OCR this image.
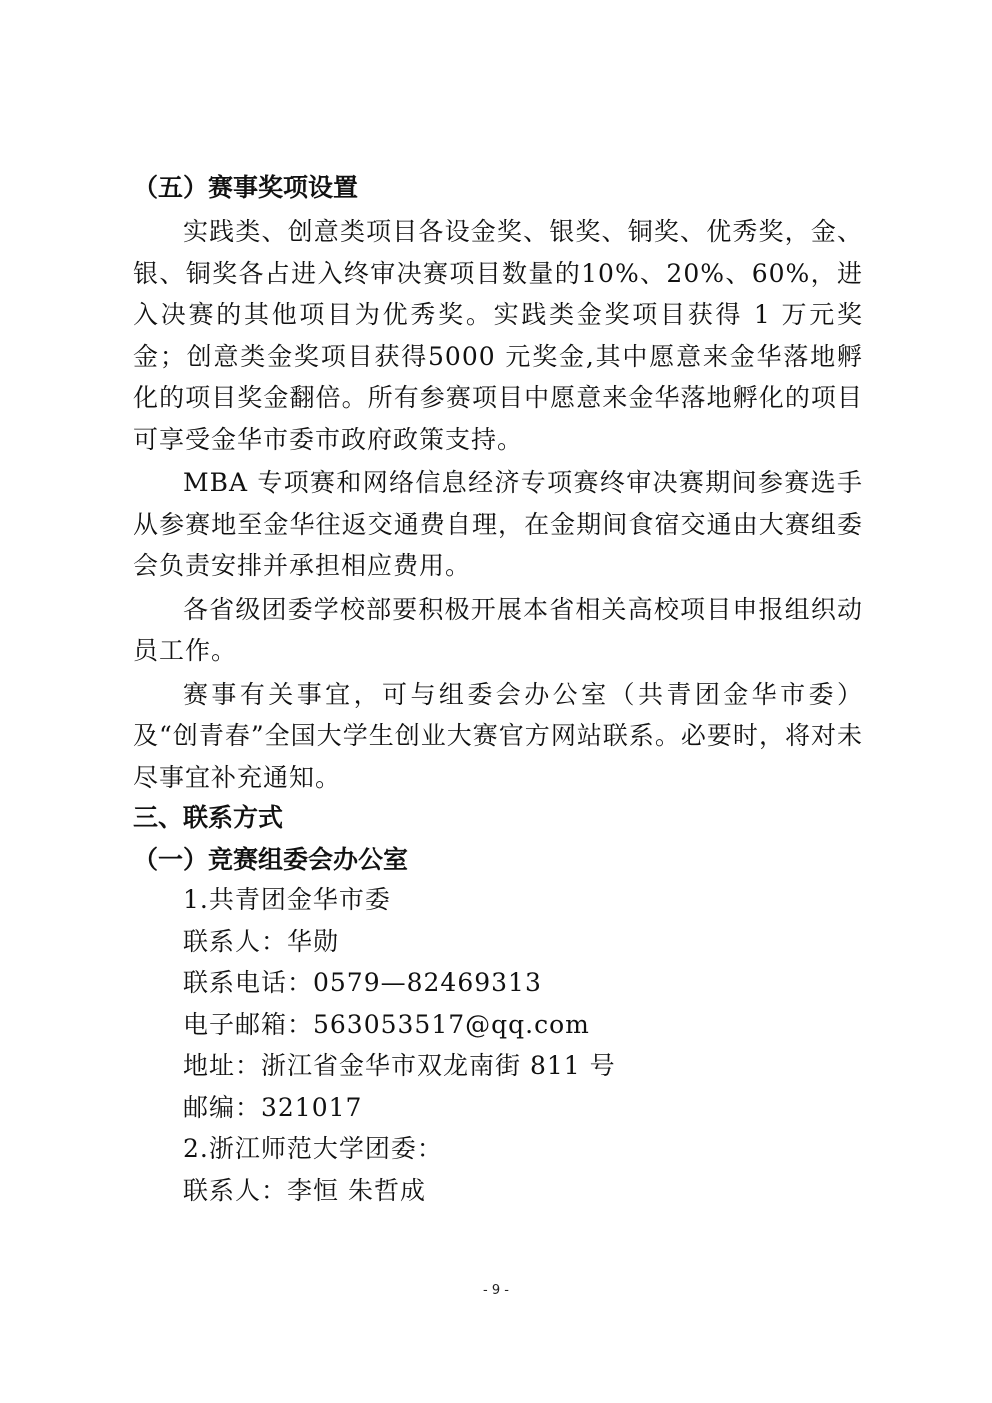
（五）赛事奖项设置

实践类、创意类项目各设金奖、银奖、铜奖、优秀奖，金、银、铜奖各占进入终审决赛项目数量的10%、20%、60%，进入决赛的其他项目为优秀奖。实践类金奖项目获得 1 万元奖金；创意类金奖项目获得5000 元奖金,其中愿意来金华落地孵化的项目奖金翻倍。所有参赛项目中愿意来金华落地孵化的项目可享受金华市委市政府政策支持。

MBA 专项赛和网络信息经济专项赛终审决赛期间参赛选手从参赛地至金华往返交通费自理，在金期间食宿交通由大赛组委会负责安排并承担相应费用。

各省级团委学校部要积极开展本省相关高校项目申报组织动员工作。

赛事有关事宜，可与组委会办公室（共青团金华市委）及“创青春”全国大学生创业大赛官方网站联系。必要时，将对未尽事宜补充通知。

三、联系方式

（一）竞赛组委会办公室

1.共青团金华市委

联系人：华勋

联系电话：0579—82469313

电子邮箱：563053517@qq.com

地址：浙江省金华市双龙南街 811 号

邮编：321017

2.浙江师范大学团委：

联系人：李恒 朱哲成

- 9 -
